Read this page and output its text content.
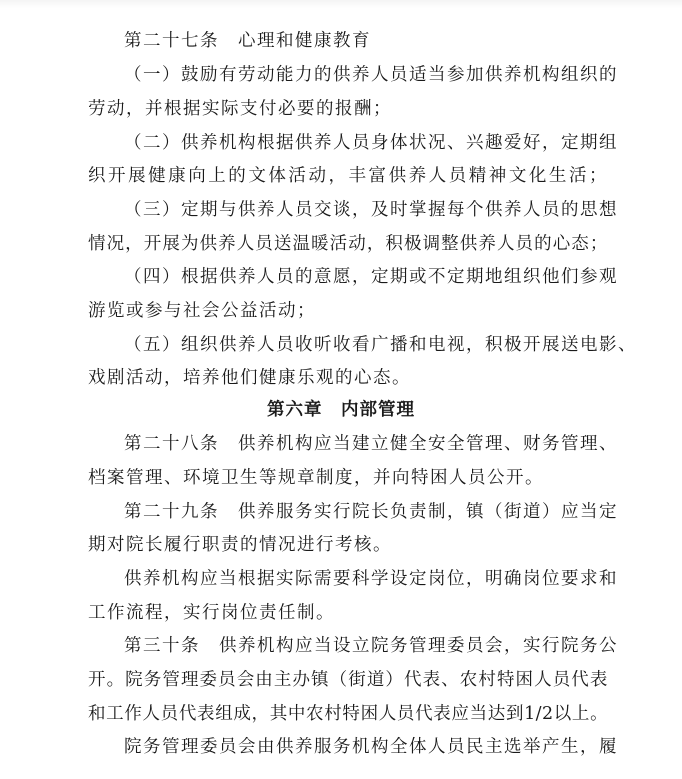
第二十七条　心理和健康教育
（一）鼓励有劳动能力的供养人员适当参加供养机构组织的
劳动，并根据实际支付必要的报酬；
（二）供养机构根据供养人员身体状况、兴趣爱好，定期组
织开展健康向上的文体活动，丰富供养人员精神文化生活；
（三）定期与供养人员交谈，及时掌握每个供养人员的思想
情况，开展为供养人员送温暖活动，积极调整供养人员的心态；
（四）根据供养人员的意愿，定期或不定期地组织他们参观
游览或参与社会公益活动；
（五）组织供养人员收听收看广播和电视，积极开展送电影、
戏剧活动，培养他们健康乐观的心态。
第六章　内部管理
第二十八条　供养机构应当建立健全安全管理、财务管理、
档案管理、环境卫生等规章制度，并向特困人员公开。
第二十九条　供养服务实行院长负责制，镇（街道）应当定
期对院长履行职责的情况进行考核。
供养机构应当根据实际需要科学设定岗位，明确岗位要求和
工作流程，实行岗位责任制。
第三十条　供养机构应当设立院务管理委员会，实行院务公
开。院务管理委员会由主办镇（街道）代表、农村特困人员代表
和工作人员代表组成，其中农村特困人员代表应当达到1/2以上。
院务管理委员会由供养服务机构全体人员民主选举产生，履
